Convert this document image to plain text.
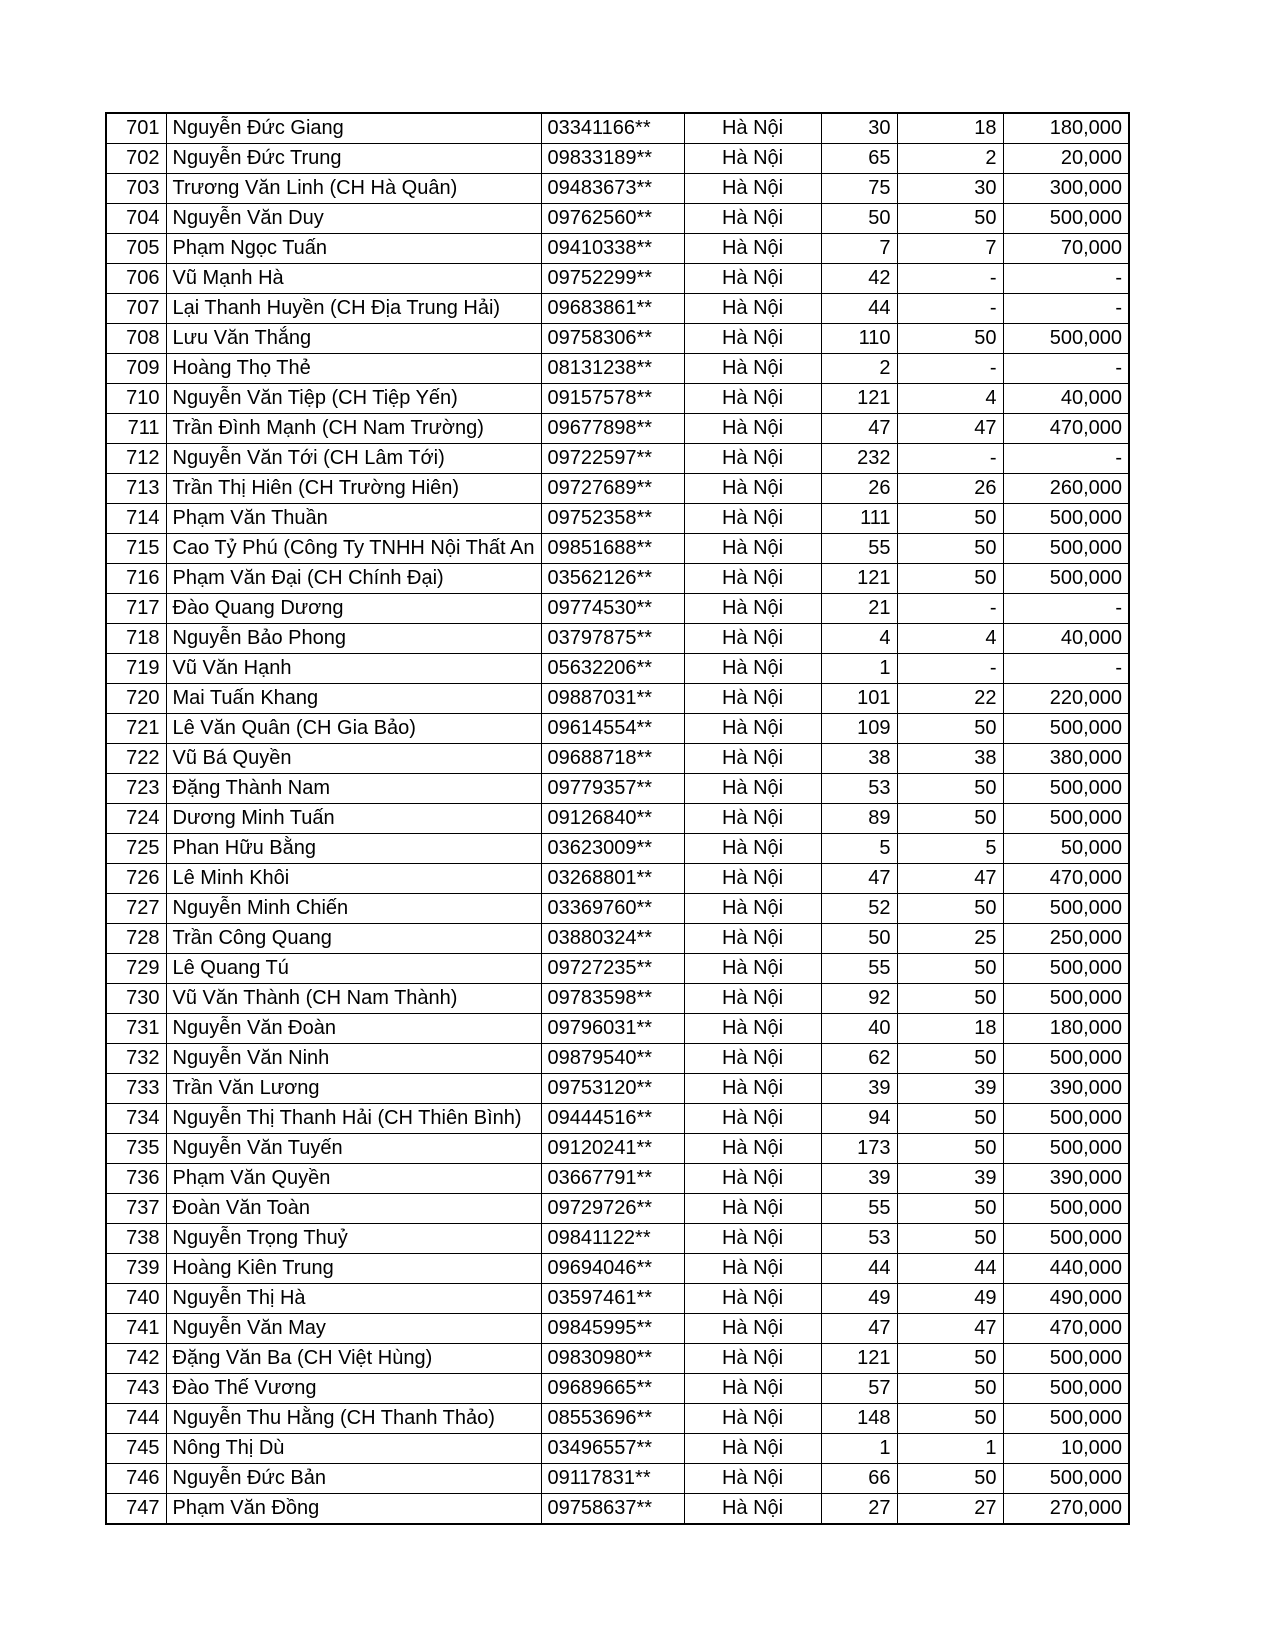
701	Nguyễn Đức Giang	03341166**	Hà Nội	30	18	180,000
702	Nguyễn Đức Trung	09833189**	Hà Nội	65	2	20,000
703	Trương Văn Linh (CH Hà Quân)	09483673**	Hà Nội	75	30	300,000
704	Nguyễn Văn Duy	09762560**	Hà Nội	50	50	500,000
705	Phạm Ngọc Tuấn	09410338**	Hà Nội	7	7	70,000
706	Vũ Mạnh Hà	09752299**	Hà Nội	42	-	-
707	Lại Thanh Huyền (CH Địa Trung Hải)	09683861**	Hà Nội	44	-	-
708	Lưu Văn Thắng	09758306**	Hà Nội	110	50	500,000
709	Hoàng Thọ Thẻ	08131238**	Hà Nội	2	-	-
710	Nguyễn Văn Tiệp (CH Tiệp Yến)	09157578**	Hà Nội	121	4	40,000
711	Trần Đình Mạnh (CH Nam Trường)	09677898**	Hà Nội	47	47	470,000
712	Nguyễn Văn Tới (CH Lâm Tới)	09722597**	Hà Nội	232	-	-
713	Trần Thị Hiên (CH Trường Hiên)	09727689**	Hà Nội	26	26	260,000
714	Phạm Văn Thuần	09752358**	Hà Nội	111	50	500,000
715	Cao Tỷ Phú (Công Ty TNHH Nội Thất An	09851688**	Hà Nội	55	50	500,000
716	Phạm Văn Đại (CH Chính Đại)	03562126**	Hà Nội	121	50	500,000
717	Đào Quang Dương	09774530**	Hà Nội	21	-	-
718	Nguyễn Bảo Phong	03797875**	Hà Nội	4	4	40,000
719	Vũ Văn Hạnh	05632206**	Hà Nội	1	-	-
720	Mai Tuấn Khang	09887031**	Hà Nội	101	22	220,000
721	Lê Văn Quân (CH Gia Bảo)	09614554**	Hà Nội	109	50	500,000
722	Vũ Bá Quyền	09688718**	Hà Nội	38	38	380,000
723	Đặng Thành Nam	09779357**	Hà Nội	53	50	500,000
724	Dương Minh Tuấn	09126840**	Hà Nội	89	50	500,000
725	Phan Hữu Bằng	03623009**	Hà Nội	5	5	50,000
726	Lê Minh Khôi	03268801**	Hà Nội	47	47	470,000
727	Nguyễn Minh Chiến	03369760**	Hà Nội	52	50	500,000
728	Trần Công Quang	03880324**	Hà Nội	50	25	250,000
729	Lê Quang Tú	09727235**	Hà Nội	55	50	500,000
730	Vũ Văn Thành (CH Nam Thành)	09783598**	Hà Nội	92	50	500,000
731	Nguyễn Văn Đoàn	09796031**	Hà Nội	40	18	180,000
732	Nguyễn Văn Ninh	09879540**	Hà Nội	62	50	500,000
733	Trần Văn Lương	09753120**	Hà Nội	39	39	390,000
734	Nguyễn Thị Thanh Hải (CH Thiên Bình)	09444516**	Hà Nội	94	50	500,000
735	Nguyễn Văn Tuyến	09120241**	Hà Nội	173	50	500,000
736	Phạm Văn Quyền	03667791**	Hà Nội	39	39	390,000
737	Đoàn Văn Toàn	09729726**	Hà Nội	55	50	500,000
738	Nguyễn Trọng Thuỷ	09841122**	Hà Nội	53	50	500,000
739	Hoàng Kiên Trung	09694046**	Hà Nội	44	44	440,000
740	Nguyễn Thị Hà	03597461**	Hà Nội	49	49	490,000
741	Nguyễn Văn May	09845995**	Hà Nội	47	47	470,000
742	Đặng Văn Ba (CH Việt Hùng)	09830980**	Hà Nội	121	50	500,000
743	Đào Thế Vương	09689665**	Hà Nội	57	50	500,000
744	Nguyễn Thu Hằng (CH Thanh Thảo)	08553696**	Hà Nội	148	50	500,000
745	Nông Thị Dù	03496557**	Hà Nội	1	1	10,000
746	Nguyễn Đức Bản	09117831**	Hà Nội	66	50	500,000
747	Phạm Văn Đồng	09758637**	Hà Nội	27	27	270,000
